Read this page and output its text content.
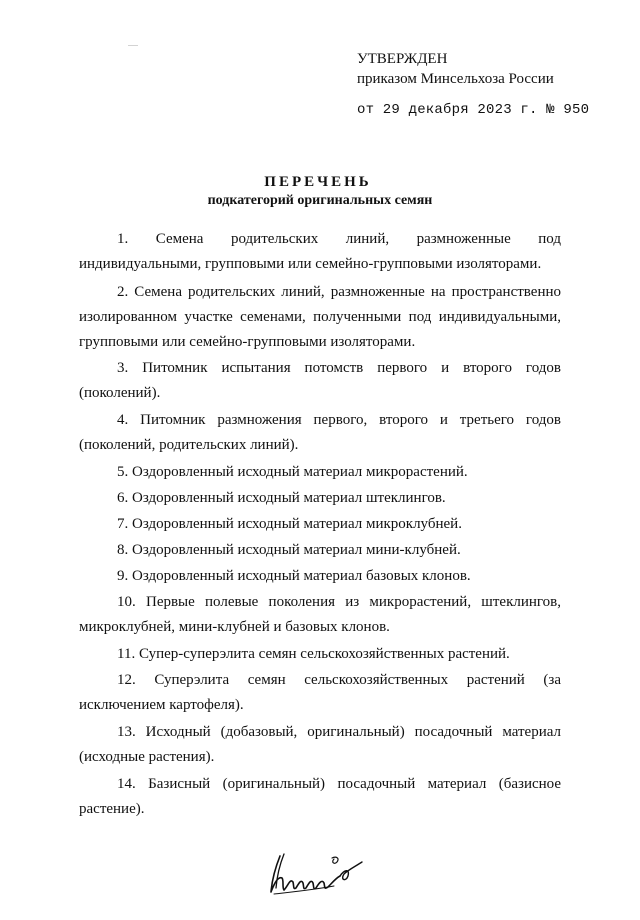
УТВЕРЖДЕН
приказом Минсельхоза России
от 29 декабря 2023 г. № 950
ПЕРЕЧЕНЬ
подкатегорий оригинальных семян

1. Семена родительских линий, размноженные под индивидуальными, групповыми или семейно-групповыми изоляторами.

2. Семена родительских линий, размноженные на пространственно изолированном участке семенами, полученными под индивидуальными, групповыми или семейно-групповыми изоляторами.

3. Питомник испытания потомств первого и второго годов (поколений).

4. Питомник размножения первого, второго и третьего годов (поколений, родительских линий).

5. Оздоровленный исходный материал микрорастений.

6. Оздоровленный исходный материал штеклингов.

7. Оздоровленный исходный материал микроклубней.

8. Оздоровленный исходный материал мини-клубней.

9. Оздоровленный исходный материал базовых клонов.

10. Первые полевые поколения из микрорастений, штеклингов, микроклубней, мини-клубней и базовых клонов.

11. Супер-суперэлита семян сельскохозяйственных растений.

12. Суперэлита семян сельскохозяйственных растений (за исключением картофеля).

13. Исходный (добазовый, оригинальный) посадочный материал (исходные растения).

14. Базисный (оригинальный) посадочный материал (базисное растение).
